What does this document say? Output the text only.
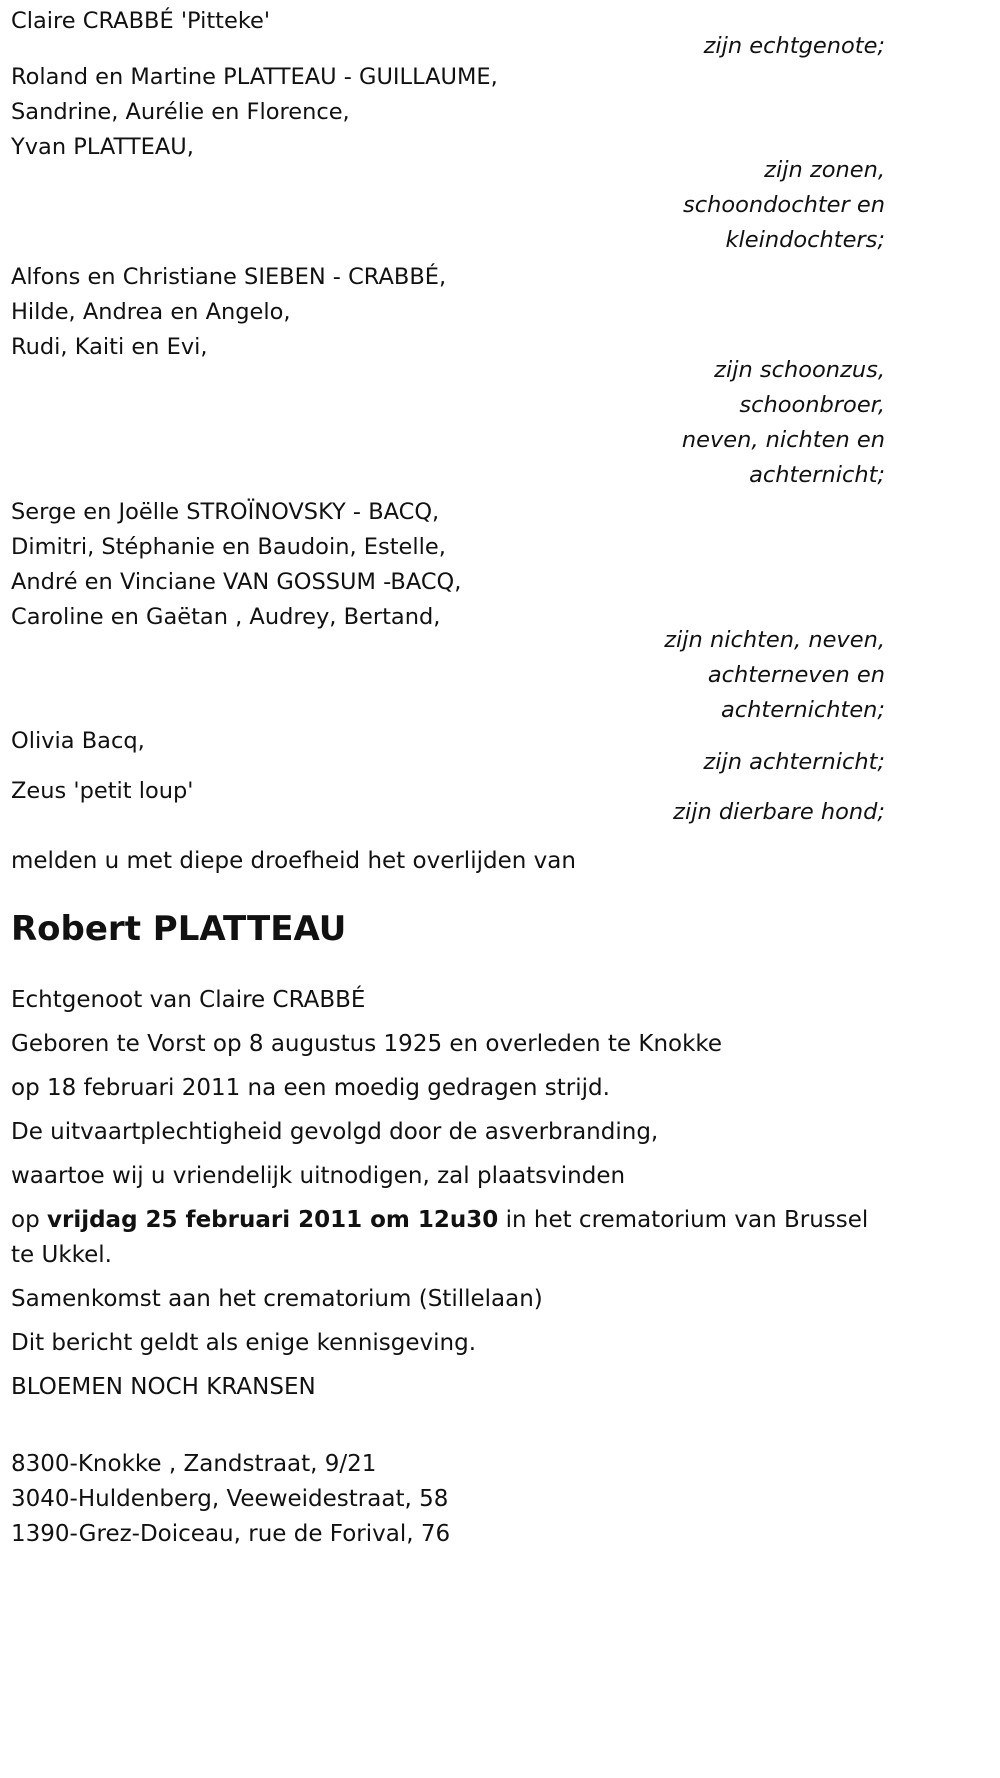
Claire CRABBÉ 'Pitteke'
zijn echtgenote;
Roland en Martine PLATTEAU - GUILLAUME,
Sandrine, Aurélie en Florence,
Yvan PLATTEAU,
zijn zonen,
schoondochter en
kleindochters;
Alfons en Christiane SIEBEN - CRABBÉ,
Hilde, Andrea en Angelo,
Rudi, Kaiti en Evi,
zijn schoonzus,
schoonbroer,
neven, nichten en
achternicht;
Serge en Joëlle STROÏNOVSKY - BACQ,
Dimitri, Stéphanie en Baudoin, Estelle,
André en Vinciane VAN GOSSUM -BACQ,
Caroline en Gaëtan , Audrey, Bertand,
zijn nichten, neven,
achterneven en
achternichten;
Olivia Bacq,
zijn achternicht;
Zeus 'petit loup'
zijn dierbare hond;
melden u met diepe droefheid het overlijden van
Robert PLATTEAU
Echtgenoot van Claire CRABBÉ
Geboren te Vorst op 8 augustus 1925 en overleden te Knokke
op 18 februari 2011 na een moedig gedragen strijd.
De uitvaartplechtigheid gevolgd door de asverbranding,
waartoe wij u vriendelijk uitnodigen, zal plaatsvinden
op vrijdag 25 februari 2011 om 12u30 in het crematorium van Brussel te Ukkel.
Samenkomst aan het crematorium (Stillelaan)
Dit bericht geldt als enige kennisgeving.
BLOEMEN NOCH KRANSEN
8300-Knokke , Zandstraat, 9/21
3040-Huldenberg, Veeweidestraat, 58
1390-Grez-Doiceau, rue de Forival, 76
